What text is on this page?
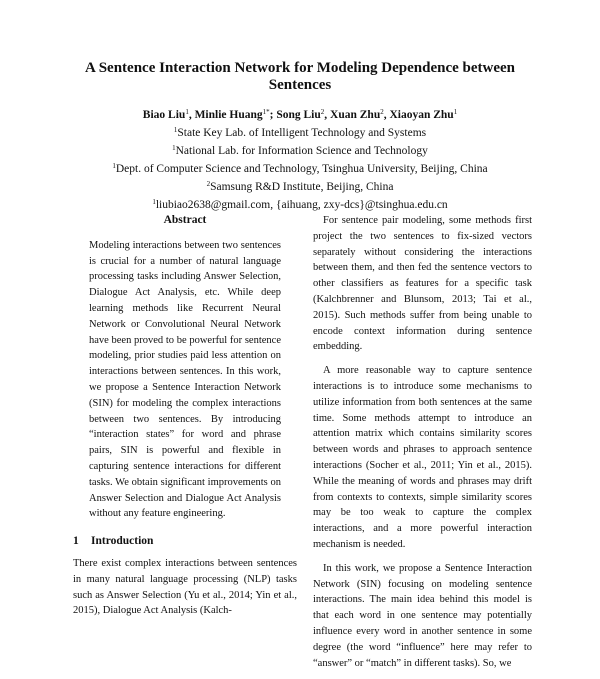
A Sentence Interaction Network for Modeling Dependence between Sentences
Biao Liu$^1$, Minlie Huang$^{1*}$; Song Liu$^2$, Xuan Zhu$^2$, Xiaoyan Zhu$^1$
$^1$State Key Lab. of Intelligent Technology and Systems
$^1$National Lab. for Information Science and Technology
$^1$Dept. of Computer Science and Technology, Tsinghua University, Beijing, China
$^2$Samsung R&D Institute, Beijing, China
$^1$liubiao2638@gmail.com, {aihuang, zxy-dcs}@tsinghua.edu.cn
Abstract
Modeling interactions between two sentences is crucial for a number of natural language processing tasks including Answer Selection, Dialogue Act Analysis, etc. While deep learning methods like Recurrent Neural Network or Convolutional Neural Network have been proved to be powerful for sentence modeling, prior studies paid less attention on interactions between sentences. In this work, we propose a Sentence Interaction Network (SIN) for modeling the complex interactions between two sentences. By introducing “interaction states” for word and phrase pairs, SIN is powerful and flexible in capturing sentence interactions for different tasks. We obtain significant improvements on Answer Selection and Dialogue Act Analysis without any feature engineering.
1 Introduction

There exist complex interactions between sentences in many natural language processing (NLP) tasks such as Answer Selection (Yu et al., 2014; Yin et al., 2015), Dialogue Act Analysis (Kalch-

For sentence pair modeling, some methods first project the two sentences to fix-sized vectors separately without considering the interactions between them, and then fed the sentence vectors to other classifiers as features for a specific task (Kalchbrenner and Blunsom, 2013; Tai et al., 2015). Such methods suffer from being unable to encode context information during sentence embedding.

A more reasonable way to capture sentence interactions is to introduce some mechanisms to utilize information from both sentences at the same time. Some methods attempt to introduce an attention matrix which contains similarity scores between words and phrases to approach sentence interactions (Socher et al., 2011; Yin et al., 2015). While the meaning of words and phrases may drift from contexts to contexts, simple similarity scores may be too weak to capture the complex interactions, and a more powerful interaction mechanism is needed.

In this work, we propose a Sentence Interaction Network (SIN) focusing on modeling sentence interactions. The main idea behind this model is that each word in one sentence may potentially influence every word in another sentence in some degree (the word “influence” here may refer to “answer” or “match” in different tasks). So, we
